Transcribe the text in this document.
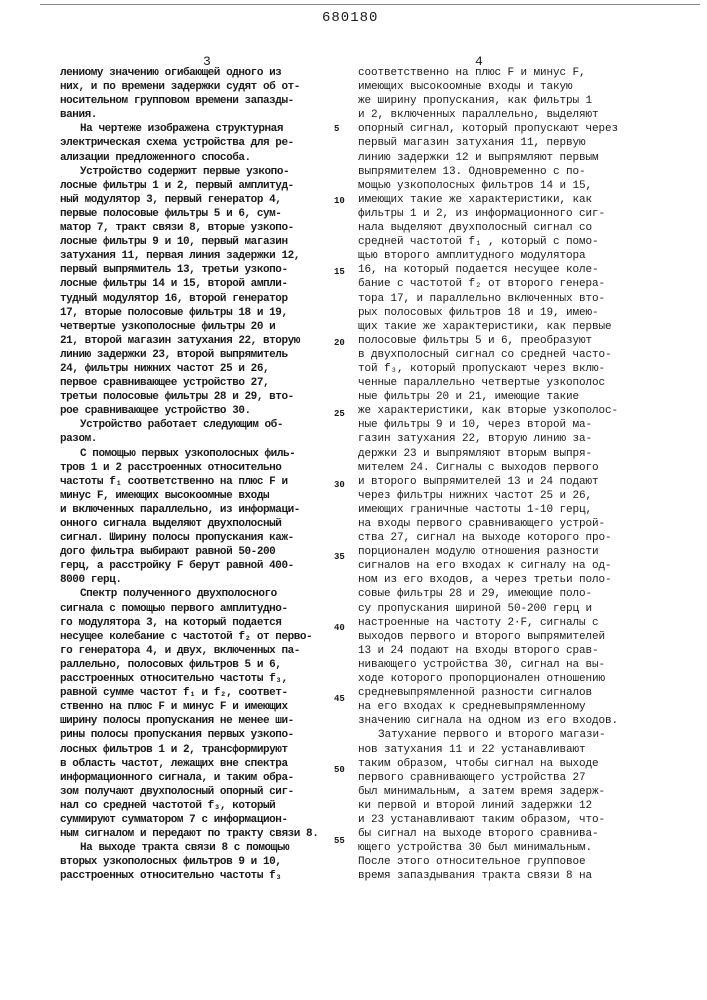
680180
3	4
лениому значению огибающей одного из
них, и по времени задержки судят об от-
носительном групповом времени запазды-
вания.
На чертеже изображена структурная
электрическая схема устройства для ре-
ализации предложенного способа.
Устройство содержит первые узкопо-
лосные фильтры 1 и 2, первый амплитуд-
ный модулятор 3, первый генератор 4,
первые полосовые фильтры 5 и 6, сум-
матор 7, тракт связи 8, вторые узкопо-
лосные фильтры 9 и 10, первый магазин
затухания 11, первая линия задержки 12,
первый выпрямитель 13, третьи узкопо-
лосные фильтры 14 и 15, второй ампли-
тудный модулятор 16, второй генератор
17, вторые полосовые фильтры 18 и 19,
четвертые узкополосные фильтры 20 и
21, второй магазин затухания 22, вторую
линию задержки 23, второй выпрямитель
24, фильтры нижних частот 25 и 26,
первое сравнивающее устройство 27,
третьи полосовые фильтры 28 и 29, вто-
рое сравнивающее устройство 30.
Устройство работает следующим об-
разом.
С помощью первых узкополосных филь-
тров 1 и 2 расстроенных относительно
частоты f₁ соответственно на плюс F и
минус F, имеющих высокоомные входы
и включенных параллельно, из информаци-
онного сигнала выделяют двухполосный
сигнал. Ширину полосы пропускания каж-
дого фильтра выбирают равной 50-200
герц, а расстройку F берут равной 400-
8000 герц.
Спектр полученного двухполосного
сигнала с помощью первого амплитудно-
го модулятора 3, на который подается
несущее колебание с частотой f₂ от перво-
го генератора 4, и двух, включенных па-
раллельно, полосовых фильтров 5 и 6,
расстроенных относительно частоты f₃,
равной сумме частот f₁ и f₂, соответ-
ственно на плюс F и минус F и имеющих
ширину полосы пропускания не менее ши-
рины полосы пропускания первых узкопо-
лосных фильтров 1 и 2, трансформируют
в область частот, лежащих вне спектра
информационного сигнала, и таким обра-
зом получают двухполосный опорный сиг-
нал со средней частотой f₃, который
суммируют сумматором 7 с информацион-
ным сигналом и передают по тракту связи 8.
На выходе тракта связи 8 с помощью
вторых узкополосных фильтров 9 и 10,
расстроенных относительно частоты f₃
соответственно на плюс F и минус F,
имеющих высокоомные входы и такую
же ширину пропускания, как фильтры 1
и 2, включенных параллельно, выделяют
опорный сигнал, который пропускают через
первый магазин затухания 11, первую
линию задержки 12 и выпрямляют первым
выпрямителем 13. Одновременно с по-
мощью узкополосных фильтров 14 и 15,
имеющих такие же характеристики, как
фильтры 1 и 2, из информационного сиг-
нала выделяют двухполосный сигнал со
средней частотой f₁ , который с помо-
щью второго амплитудного модулятора
16, на который подается несущее коле-
бание с частотой f₂ от второго генера-
тора 17, и параллельно включенных вто-
рых полосовых фильтров 18 и 19, имею-
щих такие же характеристики, как первые
полосовые фильтры 5 и 6, преобразуют
в двухполосный сигнал со средней часто-
той f₃, который пропускают через вклю-
ченные параллельно четвертые узкополос
ные фильтры 20 и 21, имеющие такие
же характеристики, как вторые узкополос-
ные фильтры 9 и 10, через второй ма-
газин затухания 22, вторую линию за-
держки 23 и выпрямляют вторым выпря-
мителем 24. Сигналы с выходов первого
и второго выпрямителей 13 и 24 подают
через фильтры нижних частот 25 и 26,
имеющих граничные частоты 1-10 герц,
на входы первого сравнивающего устрой-
ства 27, сигнал на выходе которого про-
порционален модулю отношения разности
сигналов на его входах к сигналу на од-
ном из его входов, а через третьи поло-
совые фильтры 28 и 29, имеющие поло-
су пропускания шириной 50-200 герц и
настроенные на частоту 2·F, сигналы с
выходов первого и второго выпрямителей
13 и 24 подают на входы второго срав-
нивающего устройства 30, сигнал на вы-
ходе которого пропорционален отношению
средневыпрямленной разности сигналов
на его входах к средневыпрямленному
значению сигнала на одном из его входов.
Затухание первого и второго магази-
нов затухания 11 и 22 устанавливают
таким образом, чтобы сигнал на выходе
первого сравнивающего устройства 27
был минимальным, а затем время задерж-
ки первой и второй линий задержки 12
и 23 устанавливают таким образом, что-
бы сигнал на выходе второго сравнива-
ющего устройства 30 был минимальным.
После этого относительное групповое
время запаздывания тракта связи 8 на
5
10
15
20
25
30
35
40
45
50
55
